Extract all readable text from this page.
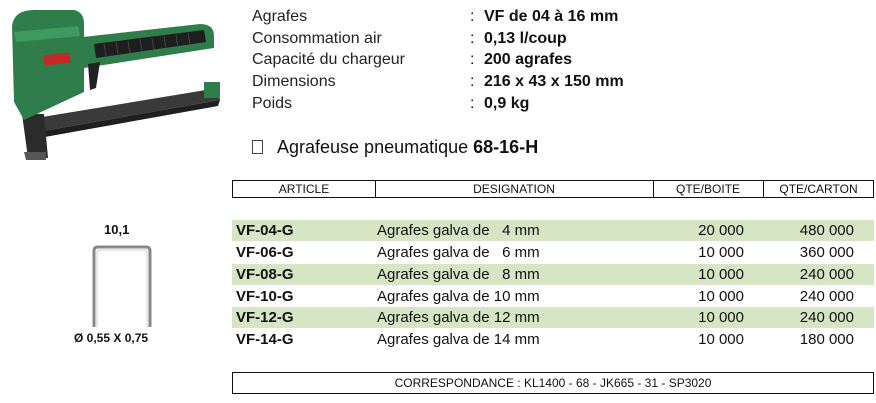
Agrafes	: VF de 04 à 16 mm
Consommation air	: 0,13 l/coup
Capacité du chargeur	: 200 agrafes
Dimensions	: 216 x 43 x 150 mm
Poids	: 0,9 kg
Agrafeuse pneumatique 68-16-H
ARTICLE	DESIGNATION	QTE/BOITE	QTE/CARTON
VF-04-G	Agrafes galva de   4 mm	20 000	480 000
VF-06-G	Agrafes galva de   6 mm	10 000	360 000
VF-08-G	Agrafes galva de   8 mm	10 000	240 000
VF-10-G	Agrafes galva de 10 mm	10 000	240 000
VF-12-G	Agrafes galva de 12 mm	10 000	240 000
VF-14-G	Agrafes galva de 14 mm	10 000	180 000
10,1
Ø 0,55 X 0,75
CORRESPONDANCE : KL1400 - 68 - JK665 - 31 - SP3020
